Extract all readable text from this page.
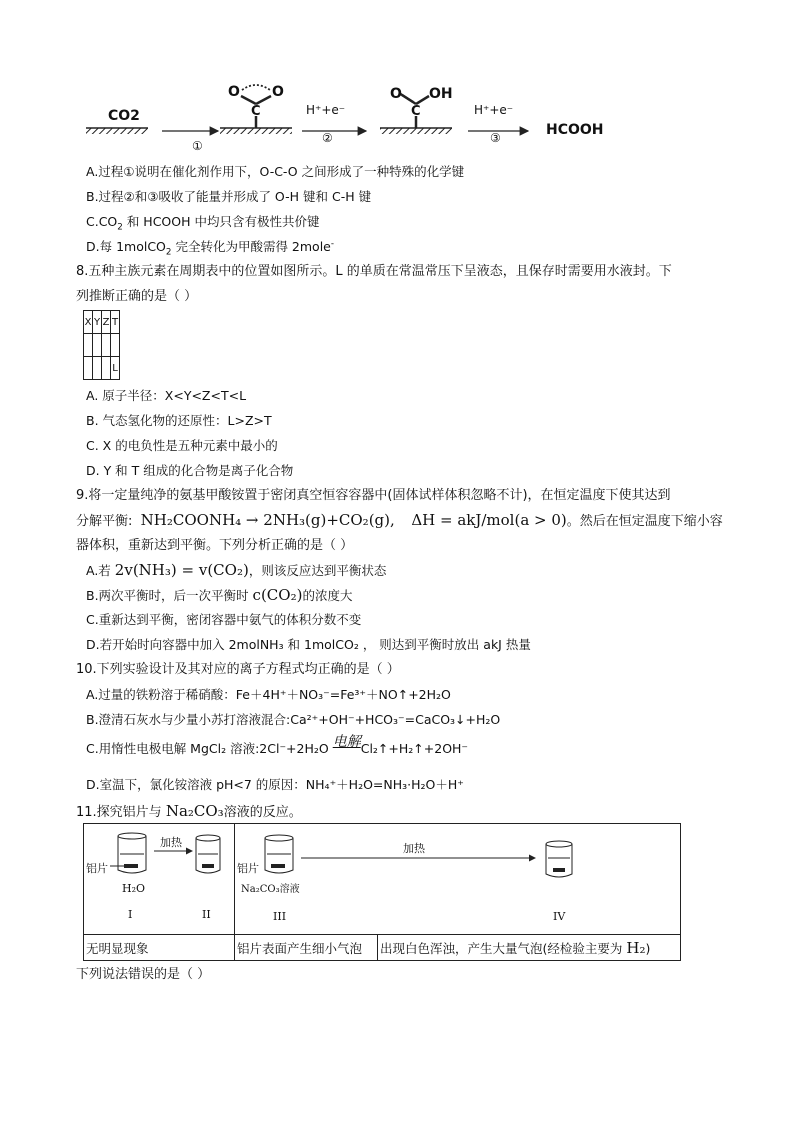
CO2
O O
C
①
H⁺+e⁻
②
O OH
C	H⁺+e⁻
③	HCOOH
A.过程①说明在催化剂作用下，O-C-O 之间形成了一种特殊的化学键
B.过程②和③吸收了能量并形成了 O-H 键和 C-H 键
$C.CO_2$ 和 HCOOH 中均只含有极性共价键
D.每 1molCO$_2$ 完全转化为甲酸需得 2mole-
8.五种主族元素在周期表中的位置如图所示。L 的单质在常温常压下呈液态，且保存时需要用水液封。下
列推断正确的是（ ）
X	Y	Z	T

			L
A. 原子半径：X<Y<Z<T<L
B. 气态氢化物的还原性：L>Z>T
C. X 的电负性是五种元素中最小的
D. Y 和 T 组成的化合物是离子化合物
9.将一定量纯净的氨基甲酸铵置于密闭真空恒容容器中(固体试样体积忽略不计)，在恒定温度下使其达到
分解平衡: NH₂COONH₄ → 2NH₃(g)+CO₂(g), ΔH = akJ/mol(a > 0)。然后在恒定温度下缩小容
器体积，重新达到平衡。下列分析正确的是（ ）
A.若 2v(NH₃) = v(CO₂)，则该反应达到平衡状态
B.两次平衡时，后一次平衡时 c(CO₂)的浓度大
C.重新达到平衡，密闭容器中氨气的体积分数不变
D.若开始时向容器中加入 2molNH₃ 和 1molCO₂ ， 则达到平衡时放出 akJ 热量
10.下列实验设计及其对应的离子方程式均正确的是（ ）
A.过量的铁粉溶于稀硝酸：Fe＋4H⁺＋NO₃⁻=Fe³⁺＋NO↑+2H₂O
B.澄清石灰水与少量小苏打溶液混合:Ca²⁺+OH⁻+HCO₃⁻=CaCO₃↓+H₂O
C.用惰性电极电解 MgCl₂ 溶液:2Cl⁻+2H₂O 电解Cl₂↑+H₂↑+2OH⁻
D.室温下，氯化铵溶液 pH<7 的原因：NH₄⁺＋H₂O=NH₃·H₂O＋H⁺
11.探究铝片与 Na₂CO₃溶液的反应。
加热
铝片
H₂O
I II	加热
铝片
Na₂CO₃溶液
III IV	

无明显现象	铝片表面产生细小气泡	出现白色浑浊，产生大量气泡(经检验主要为 H₂)
下列说法错误的是（ ）
